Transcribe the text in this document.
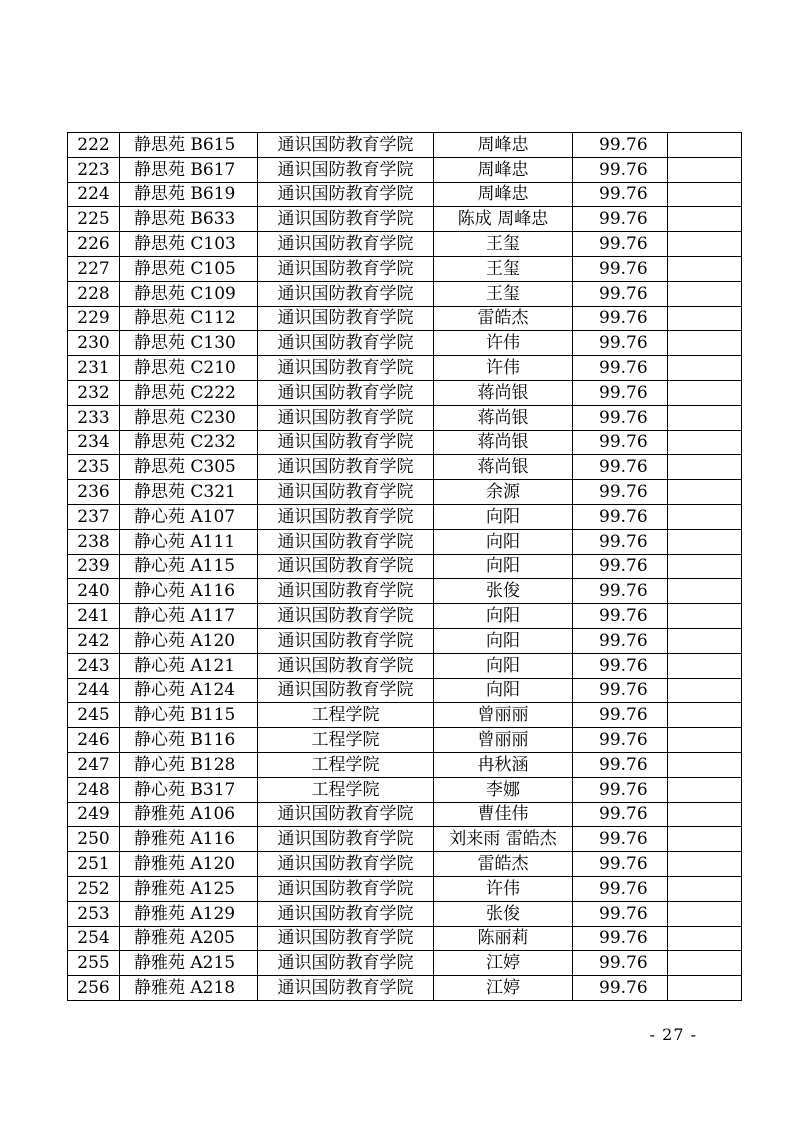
222	静思苑 B615	通识国防教育学院	周峰忠	99.76	
223	静思苑 B617	通识国防教育学院	周峰忠	99.76	
224	静思苑 B619	通识国防教育学院	周峰忠	99.76	
225	静思苑 B633	通识国防教育学院	陈成 周峰忠	99.76	
226	静思苑 C103	通识国防教育学院	王玺	99.76	
227	静思苑 C105	通识国防教育学院	王玺	99.76	
228	静思苑 C109	通识国防教育学院	王玺	99.76	
229	静思苑 C112	通识国防教育学院	雷皓杰	99.76	
230	静思苑 C130	通识国防教育学院	许伟	99.76	
231	静思苑 C210	通识国防教育学院	许伟	99.76	
232	静思苑 C222	通识国防教育学院	蒋尚银	99.76	
233	静思苑 C230	通识国防教育学院	蒋尚银	99.76	
234	静思苑 C232	通识国防教育学院	蒋尚银	99.76	
235	静思苑 C305	通识国防教育学院	蒋尚银	99.76	
236	静思苑 C321	通识国防教育学院	余源	99.76	
237	静心苑 A107	通识国防教育学院	向阳	99.76	
238	静心苑 A111	通识国防教育学院	向阳	99.76	
239	静心苑 A115	通识国防教育学院	向阳	99.76	
240	静心苑 A116	通识国防教育学院	张俊	99.76	
241	静心苑 A117	通识国防教育学院	向阳	99.76	
242	静心苑 A120	通识国防教育学院	向阳	99.76	
243	静心苑 A121	通识国防教育学院	向阳	99.76	
244	静心苑 A124	通识国防教育学院	向阳	99.76	
245	静心苑 B115	工程学院	曾丽丽	99.76	
246	静心苑 B116	工程学院	曾丽丽	99.76	
247	静心苑 B128	工程学院	冉秋涵	99.76	
248	静心苑 B317	工程学院	李娜	99.76	
249	静雅苑 A106	通识国防教育学院	曹佳伟	99.76	
250	静雅苑 A116	通识国防教育学院	刘来雨 雷皓杰	99.76	
251	静雅苑 A120	通识国防教育学院	雷皓杰	99.76	
252	静雅苑 A125	通识国防教育学院	许伟	99.76	
253	静雅苑 A129	通识国防教育学院	张俊	99.76	
254	静雅苑 A205	通识国防教育学院	陈丽莉	99.76	
255	静雅苑 A215	通识国防教育学院	江婷	99.76	
256	静雅苑 A218	通识国防教育学院	江婷	99.76	
- 27 -
